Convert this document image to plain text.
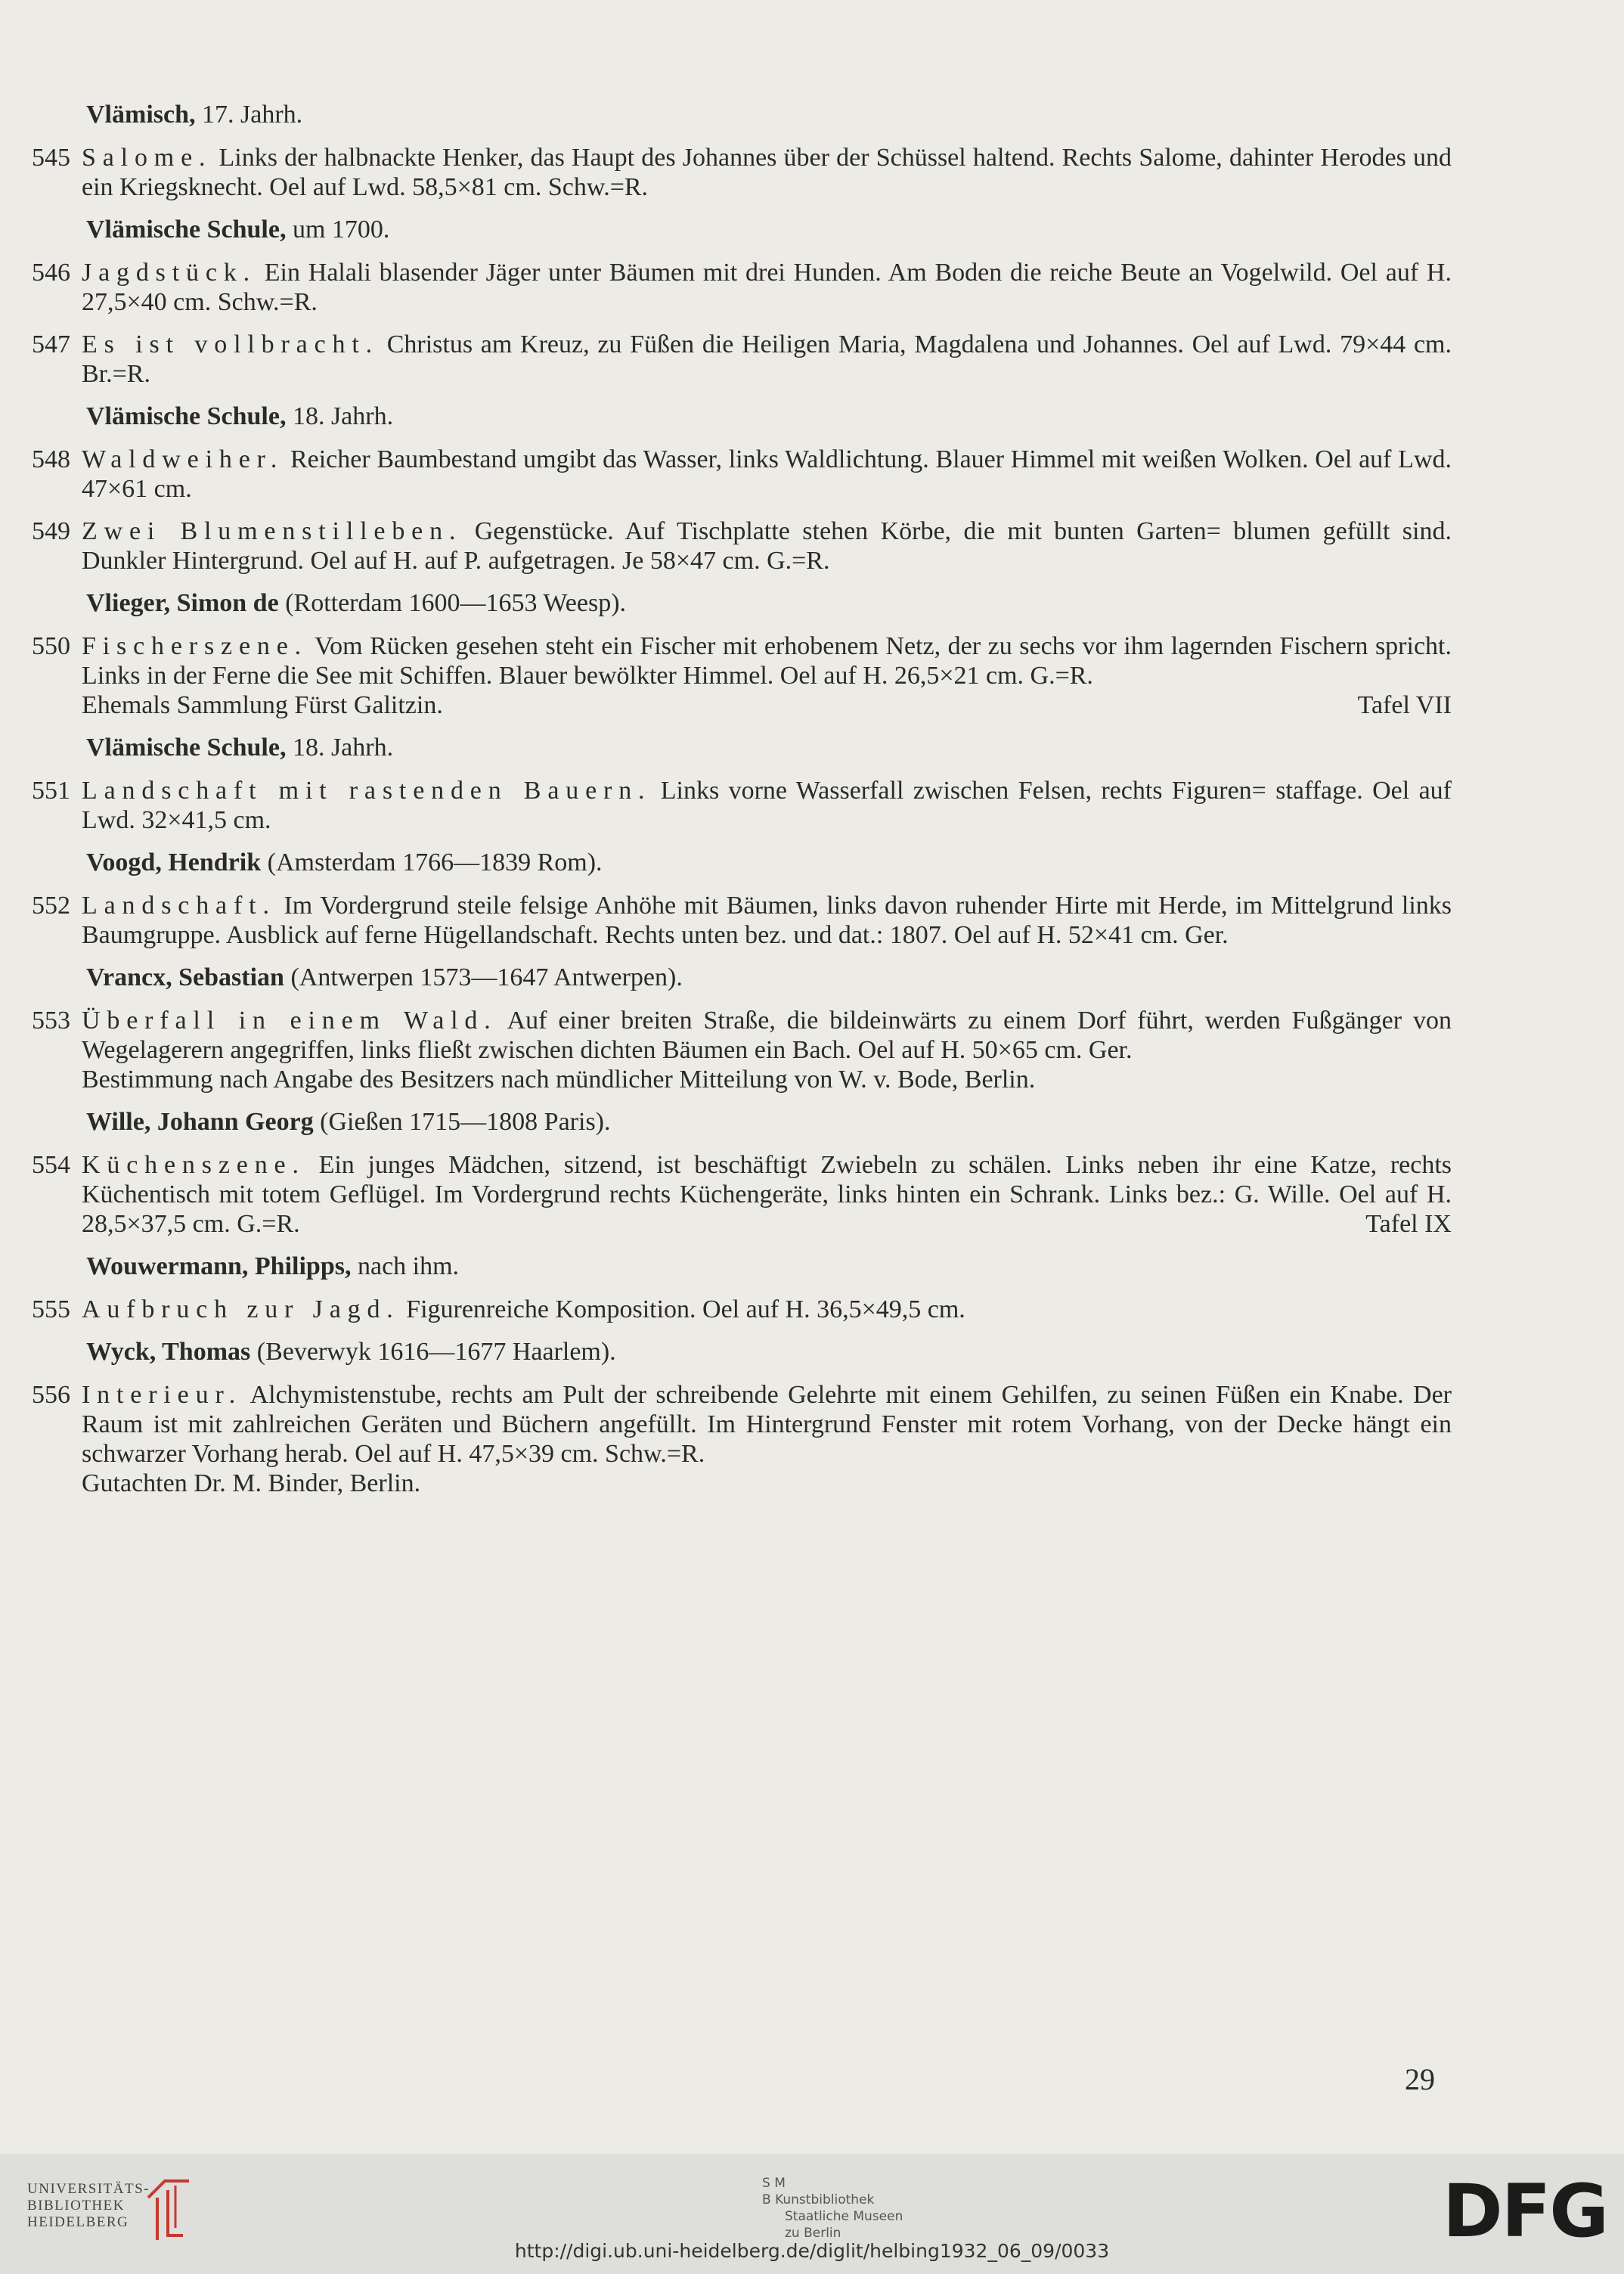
Vlämisch, 17. Jahrh.
545 Salome. Links der halbnackte Henker, das Haupt des Johannes über der Schüssel haltend. Rechts Salome, dahinter Herodes und ein Kriegsknecht. Oel auf Lwd. 58,5×81 cm. Schw.=R.
Vlämische Schule, um 1700.
546 Jagdstück. Ein Halali blasender Jäger unter Bäumen mit drei Hunden. Am Boden die reiche Beute an Vogelwild. Oel auf H. 27,5×40 cm. Schw.=R.
547 Es ist vollbracht. Christus am Kreuz, zu Füßen die Heiligen Maria, Magdalena und Johannes. Oel auf Lwd. 79×44 cm. Br.=R.
Vlämische Schule, 18. Jahrh.
548 Waldweiher. Reicher Baumbestand umgibt das Wasser, links Waldlichtung. Blauer Himmel mit weißen Wolken. Oel auf Lwd. 47×61 cm.
549 Zwei Blumenstilleben. Gegenstücke. Auf Tischplatte stehen Körbe, die mit bunten Garten= blumen gefüllt sind. Dunkler Hintergrund. Oel auf H. auf P. aufgetragen. Je 58×47 cm. G.=R.
Vlieger, Simon de (Rotterdam 1600—1653 Weesp).
550 Fischerszene. Vom Rücken gesehen steht ein Fischer mit erhobenem Netz, der zu sechs vor ihm lagernden Fischern spricht. Links in der Ferne die See mit Schiffen. Blauer bewölkter Himmel. Oel auf H. 26,5×21 cm. G.=R.
Ehemals Sammlung Fürst Galitzin.	Tafel VII
Vlämische Schule, 18. Jahrh.
551 Landschaft mit rastenden Bauern. Links vorne Wasserfall zwischen Felsen, rechts Figuren= staffage. Oel auf Lwd. 32×41,5 cm.
Voogd, Hendrik (Amsterdam 1766—1839 Rom).
552 Landschaft. Im Vordergrund steile felsige Anhöhe mit Bäumen, links davon ruhender Hirte mit Herde, im Mittelgrund links Baumgruppe. Ausblick auf ferne Hügellandschaft. Rechts unten bez. und dat.: 1807. Oel auf H. 52×41 cm. Ger.
Vrancx, Sebastian (Antwerpen 1573—1647 Antwerpen).
553 Überfall in einem Wald. Auf einer breiten Straße, die bildeinwärts zu einem Dorf führt, werden Fußgänger von Wegelagerern angegriffen, links fließt zwischen dichten Bäumen ein Bach. Oel auf H. 50×65 cm. Ger.
Bestimmung nach Angabe des Besitzers nach mündlicher Mitteilung von W. v. Bode, Berlin.
Wille, Johann Georg (Gießen 1715—1808 Paris).
554 Küchenszene. Ein junges Mädchen, sitzend, ist beschäftigt Zwiebeln zu schälen. Links neben ihr eine Katze, rechts Küchentisch mit totem Geflügel. Im Vordergrund rechts Küchengeräte, links hinten ein Schrank. Links bez.: G. Wille. Oel auf H. 28,5×37,5 cm. G.=R.	Tafel IX
Wouwermann, Philipps, nach ihm.
555 Aufbruch zur Jagd. Figurenreiche Komposition. Oel auf H. 36,5×49,5 cm.
Wyck, Thomas (Beverwyk 1616—1677 Haarlem).
556 Interieur. Alchymistenstube, rechts am Pult der schreibende Gelehrte mit einem Gehilfen, zu seinen Füßen ein Knabe. Der Raum ist mit zahlreichen Geräten und Büchern angefüllt. Im Hintergrund Fenster mit rotem Vorhang, von der Decke hängt ein schwarzer Vorhang herab. Oel auf H. 47,5×39 cm. Schw.=R.
Gutachten Dr. M. Binder, Berlin.
29
UNIVERSITÄTS-
BIBLIOTHEK
HEIDELBERG
S M
B Kunstbibliothek
Staatliche Museen
zu Berlin	DFG
http://digi.ub.uni-heidelberg.de/diglit/helbing1932_06_09/0033
